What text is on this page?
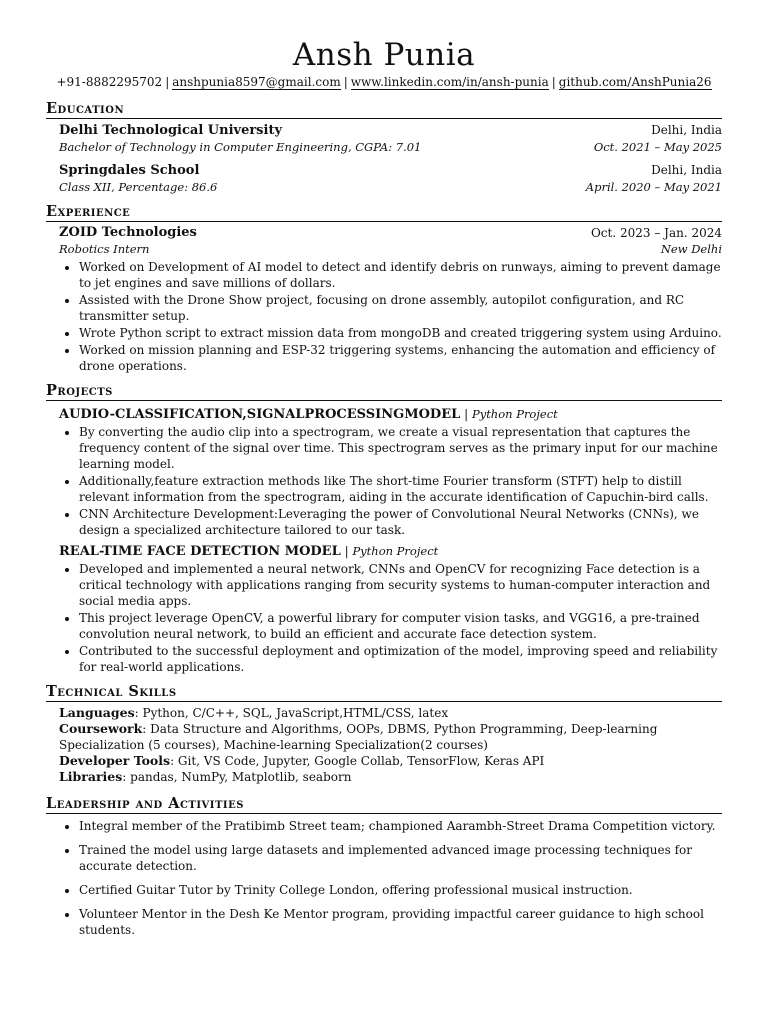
Ansh Punia
+91-8882295702 | anshpunia8597@gmail.com | www.linkedin.com/in/ansh-punia | github.com/AnshPunia26
Education
Delhi Technological University	Delhi, India
Bachelor of Technology in Computer Engineering, CGPA: 7.01	Oct. 2021 – May 2025
Springdales School	Delhi, India
Class XII, Percentage: 86.6	April. 2020 – May 2021
Experience
ZOID Technologies	Oct. 2023 – Jan. 2024
Robotics Intern	New Delhi
• Worked on Development of AI model to detect and identify debris on runways, aiming to prevent damage to jet engines and save millions of dollars.
• Assisted with the Drone Show project, focusing on drone assembly, autopilot configuration, and RC transmitter setup.
• Wrote Python script to extract mission data from mongoDB and created triggering system using Arduino.
• Worked on mission planning and ESP-32 triggering systems, enhancing the automation and efficiency of drone operations.
Projects
AUDIO-CLASSIFICATION,SIGNALPROCESSINGMODEL | Python Project
• By converting the audio clip into a spectrogram, we create a visual representation that captures the frequency content of the signal over time. This spectrogram serves as the primary input for our machine learning model.
• Additionally,feature extraction methods like The short-time Fourier transform (STFT) help to distill relevant information from the spectrogram, aiding in the accurate identification of Capuchin-bird calls.
• CNN Architecture Development:Leveraging the power of Convolutional Neural Networks (CNNs), we design a specialized architecture tailored to our task.
REAL-TIME FACE DETECTION MODEL | Python Project
• Developed and implemented a neural network, CNNs and OpenCV for recognizing Face detection is a critical technology with applications ranging from security systems to human-computer interaction and social media apps.
• This project leverage OpenCV, a powerful library for computer vision tasks, and VGG16, a pre-trained convolution neural network, to build an efficient and accurate face detection system.
• Contributed to the successful deployment and optimization of the model, improving speed and reliability for real-world applications.
Technical Skills
Languages: Python, C/C++, SQL, JavaScript,HTML/CSS, latex
Coursework: Data Structure and Algorithms, OOPs, DBMS, Python Programming, Deep-learning Specialization (5 courses), Machine-learning Specialization(2 courses)
Developer Tools: Git, VS Code, Jupyter, Google Collab, TensorFlow, Keras API
Libraries: pandas, NumPy, Matplotlib, seaborn
Leadership and Activities
• Integral member of the Pratibimb Street team; championed Aarambh-Street Drama Competition victory.
• Trained the model using large datasets and implemented advanced image processing techniques for accurate detection.
• Certified Guitar Tutor by Trinity College London, offering professional musical instruction.
• Volunteer Mentor in the Desh Ke Mentor program, providing impactful career guidance to high school students.
